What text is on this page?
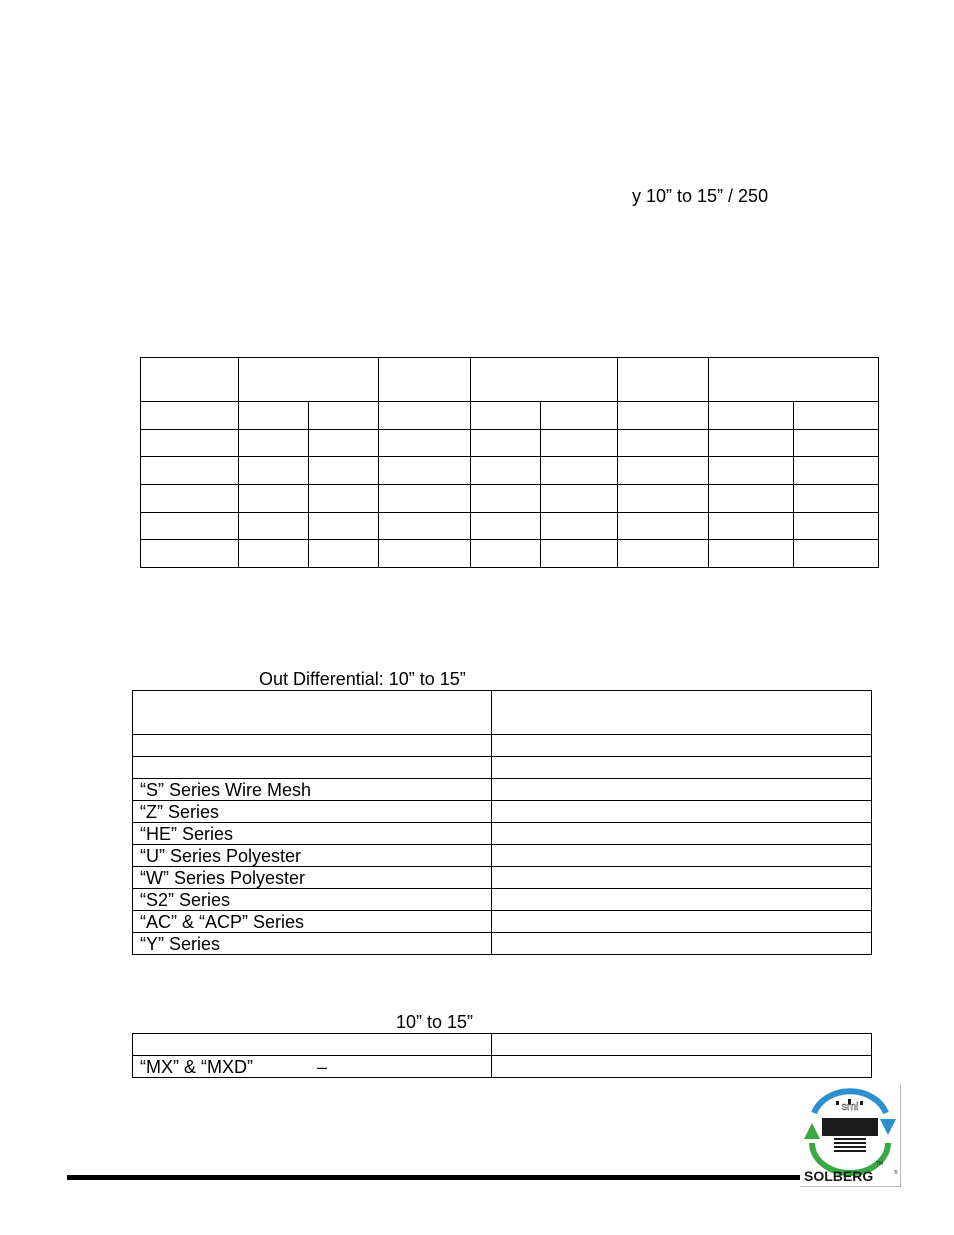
y 10” to 15” / 250

Out Differential: 10” to 15”

“S” Series Wire Mesh	
“Z” Series	
“HE” Series	
“U” Series Polyester	
“W” Series Polyester	
“S2” Series	
“AC” & “ACP” Series	
“Y” Series	
10” to 15”

“MX” & “MXD” –	
smi
TM
SOLBERG	®
